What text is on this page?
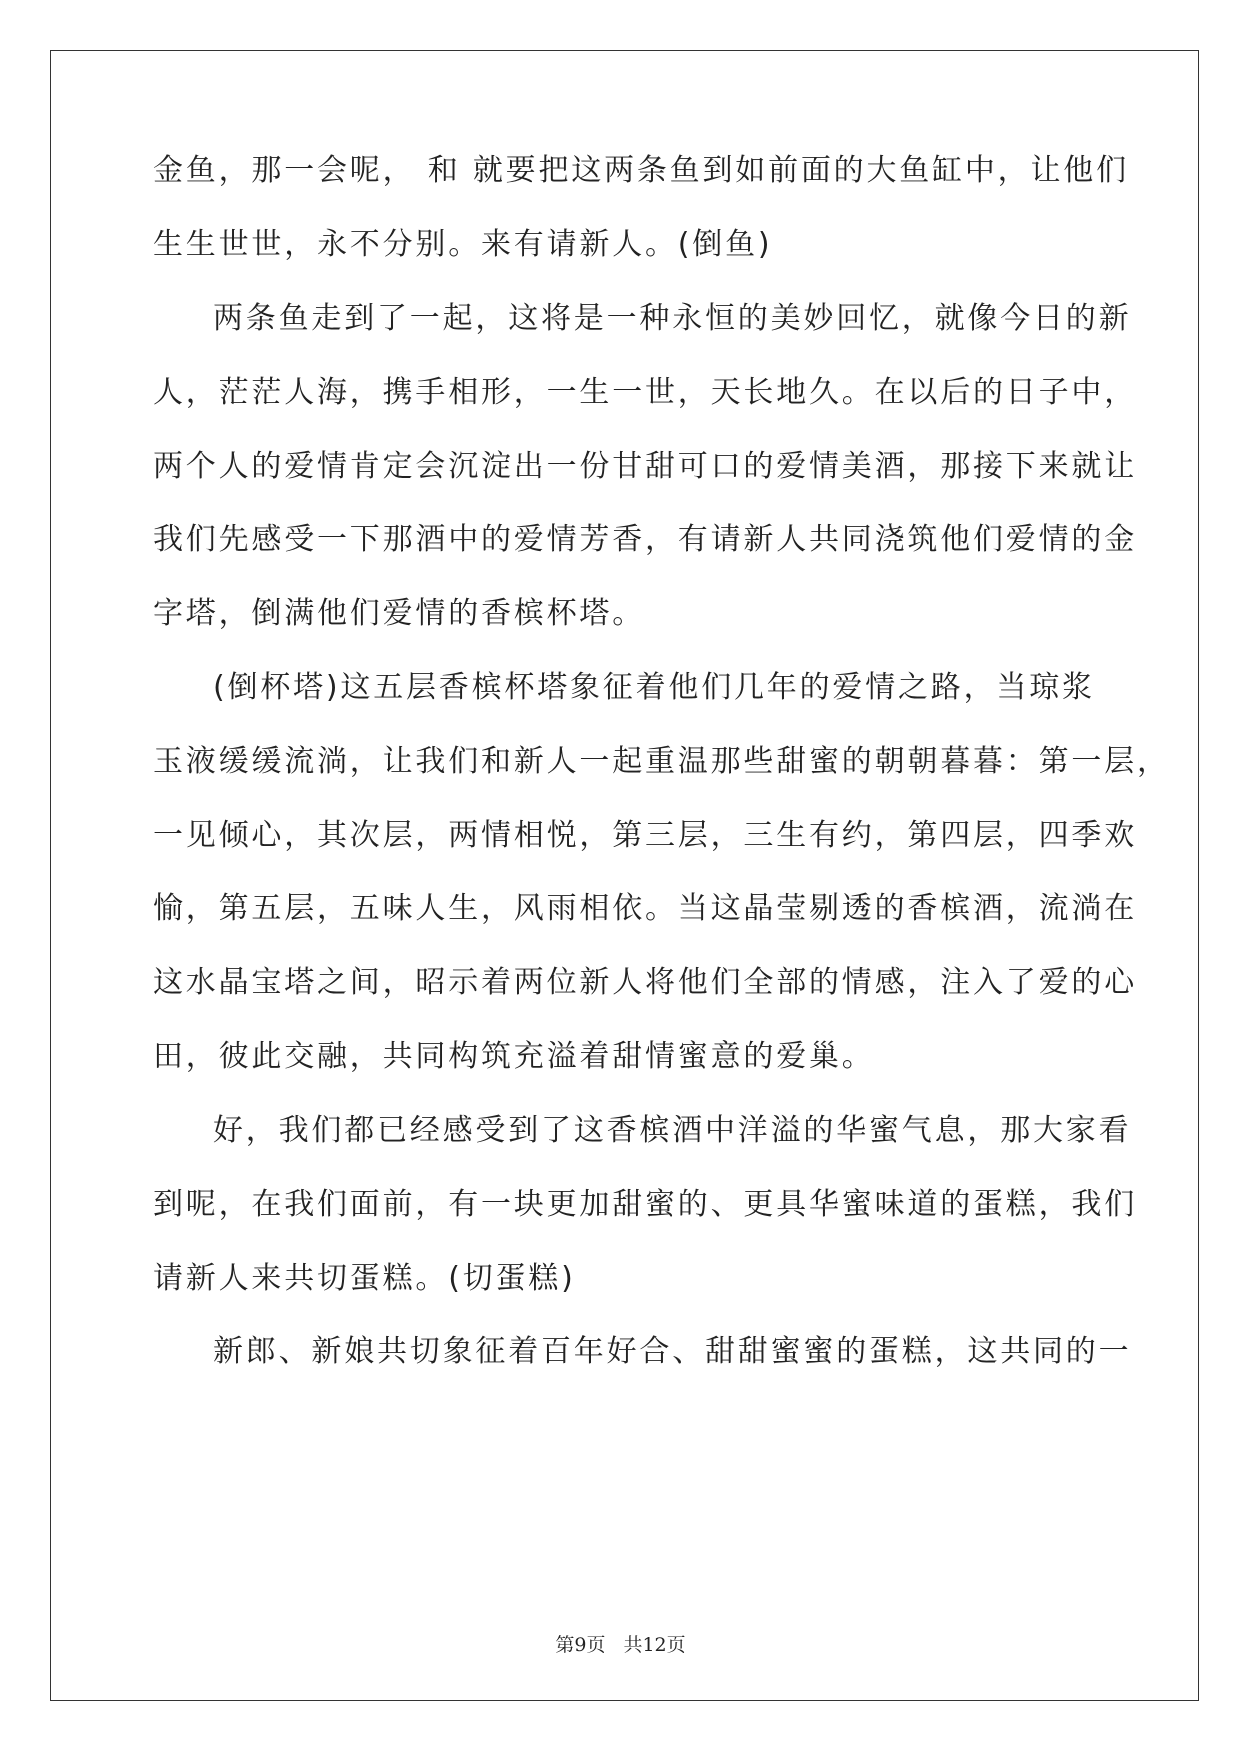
金鱼，那一会呢， 和 就要把这两条鱼到如前面的大鱼缸中，让他们

生生世世，永不分别。来有请新人。(倒鱼)

两条鱼走到了一起，这将是一种永恒的美妙回忆，就像今日的新

人，茫茫人海，携手相形，一生一世，天长地久。在以后的日子中，

两个人的爱情肯定会沉淀出一份甘甜可口的爱情美酒，那接下来就让

我们先感受一下那酒中的爱情芳香，有请新人共同浇筑他们爱情的金

字塔，倒满他们爱情的香槟杯塔。

(倒杯塔)这五层香槟杯塔象征着他们几年的爱情之路，当琼浆

玉液缓缓流淌，让我们和新人一起重温那些甜蜜的朝朝暮暮：第一层，

一见倾心，其次层，两情相悦，第三层，三生有约，第四层，四季欢

愉，第五层，五味人生，风雨相依。当这晶莹剔透的香槟酒，流淌在

这水晶宝塔之间，昭示着两位新人将他们全部的情感，注入了爱的心

田，彼此交融，共同构筑充溢着甜情蜜意的爱巢。

好，我们都已经感受到了这香槟酒中洋溢的华蜜气息，那大家看

到呢，在我们面前，有一块更加甜蜜的、更具华蜜味道的蛋糕，我们

请新人来共切蛋糕。(切蛋糕)

新郎、新娘共切象征着百年好合、甜甜蜜蜜的蛋糕，这共同的一

第9页 共12页
